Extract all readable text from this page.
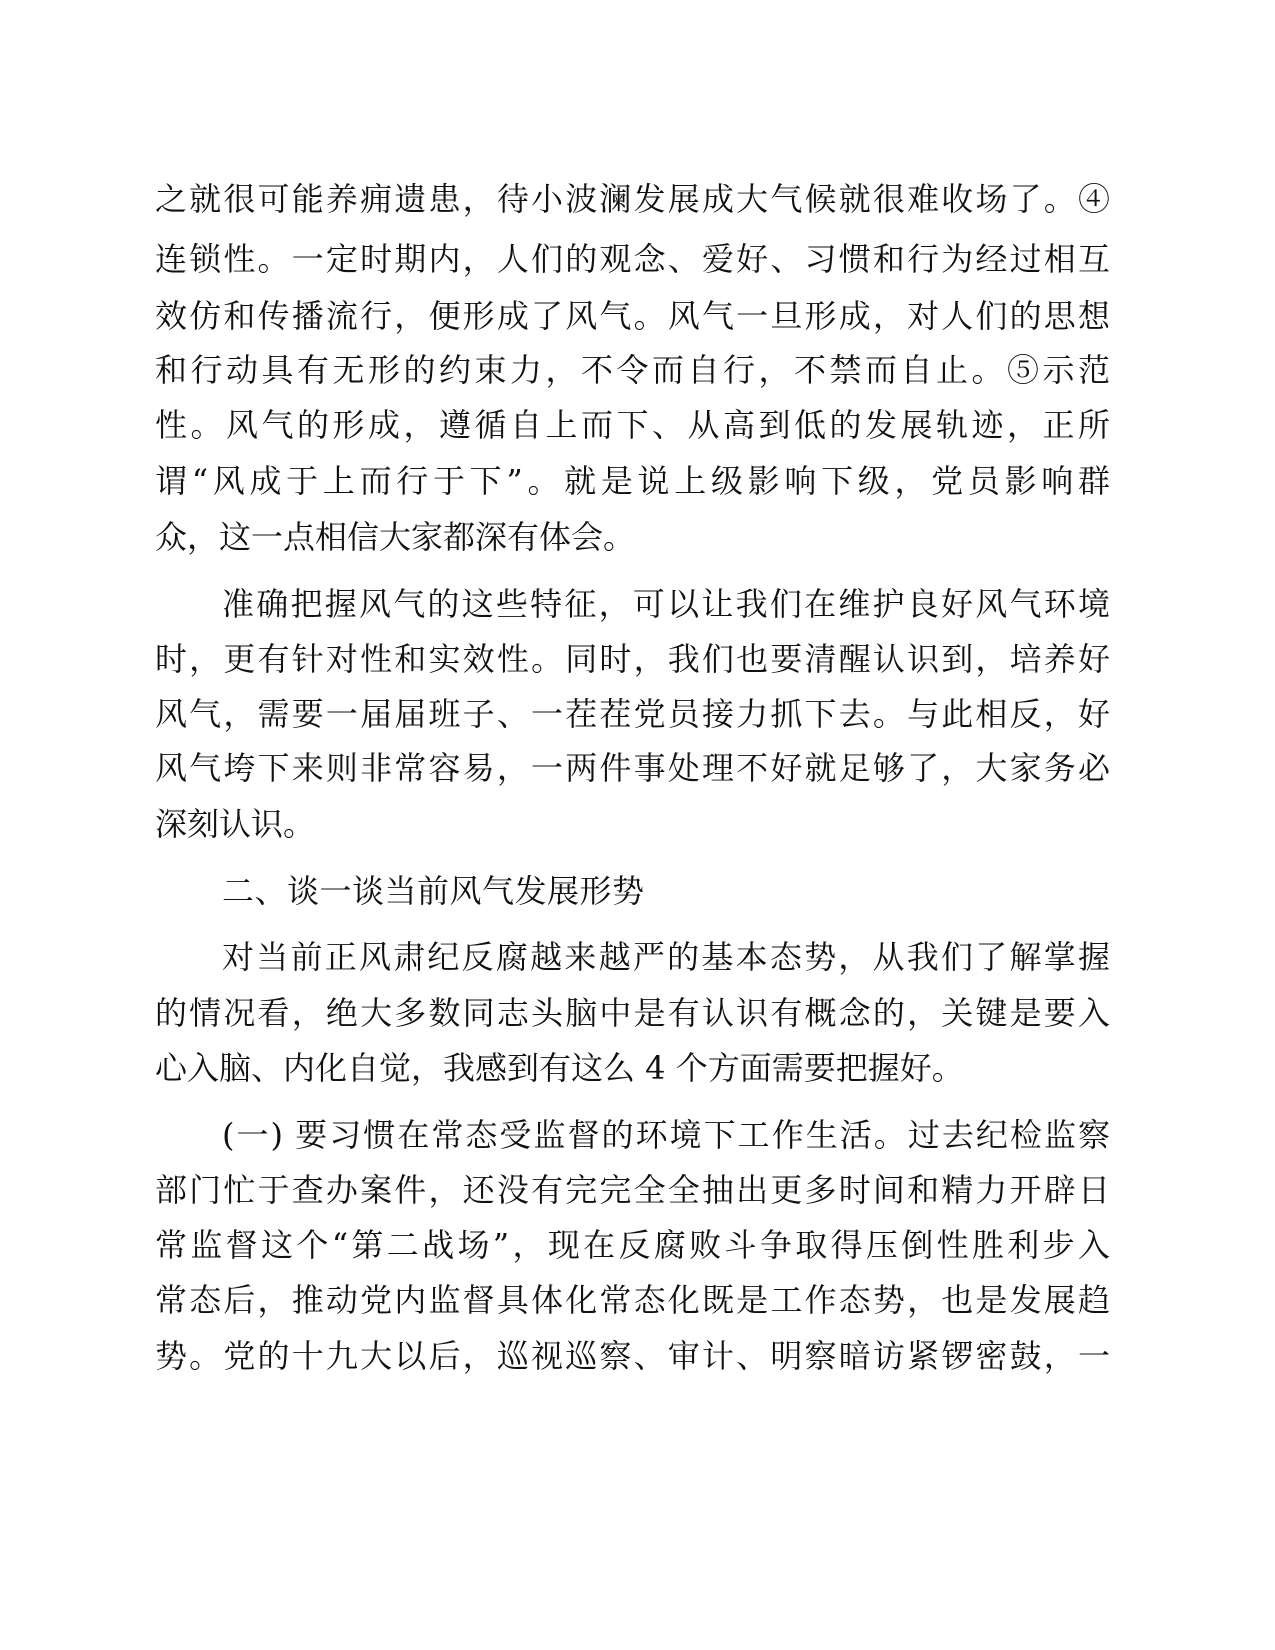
之就很可能养痈遗患，待小波澜发展成大气候就很难收场了。④
连锁性。一定时期内，人们的观念、爱好、习惯和行为经过相互
效仿和传播流行，便形成了风气。风气一旦形成，对人们的思想
和行动具有无形的约束力，不令而自行，不禁而自止。⑤示范
性。风气的形成，遵循自上而下、从高到低的发展轨迹，正所
谓“风成于上而行于下”。就是说上级影响下级，党员影响群
众，这一点相信大家都深有体会。
准确把握风气的这些特征，可以让我们在维护良好风气环境
时，更有针对性和实效性。同时，我们也要清醒认识到，培养好
风气，需要一届届班子、一茬茬党员接力抓下去。与此相反，好
风气垮下来则非常容易，一两件事处理不好就足够了，大家务必
深刻认识。
二、谈一谈当前风气发展形势
对当前正风肃纪反腐越来越严的基本态势，从我们了解掌握
的情况看，绝大多数同志头脑中是有认识有概念的，关键是要入
心入脑、内化自觉，我感到有这么 4 个方面需要把握好。
(一) 要习惯在常态受监督的环境下工作生活。过去纪检监察
部门忙于查办案件，还没有完完全全抽出更多时间和精力开辟日
常监督这个“第二战场”，现在反腐败斗争取得压倒性胜利步入
常态后，推动党内监督具体化常态化既是工作态势，也是发展趋
势。党的十九大以后，巡视巡察、审计、明察暗访紧锣密鼓，一
